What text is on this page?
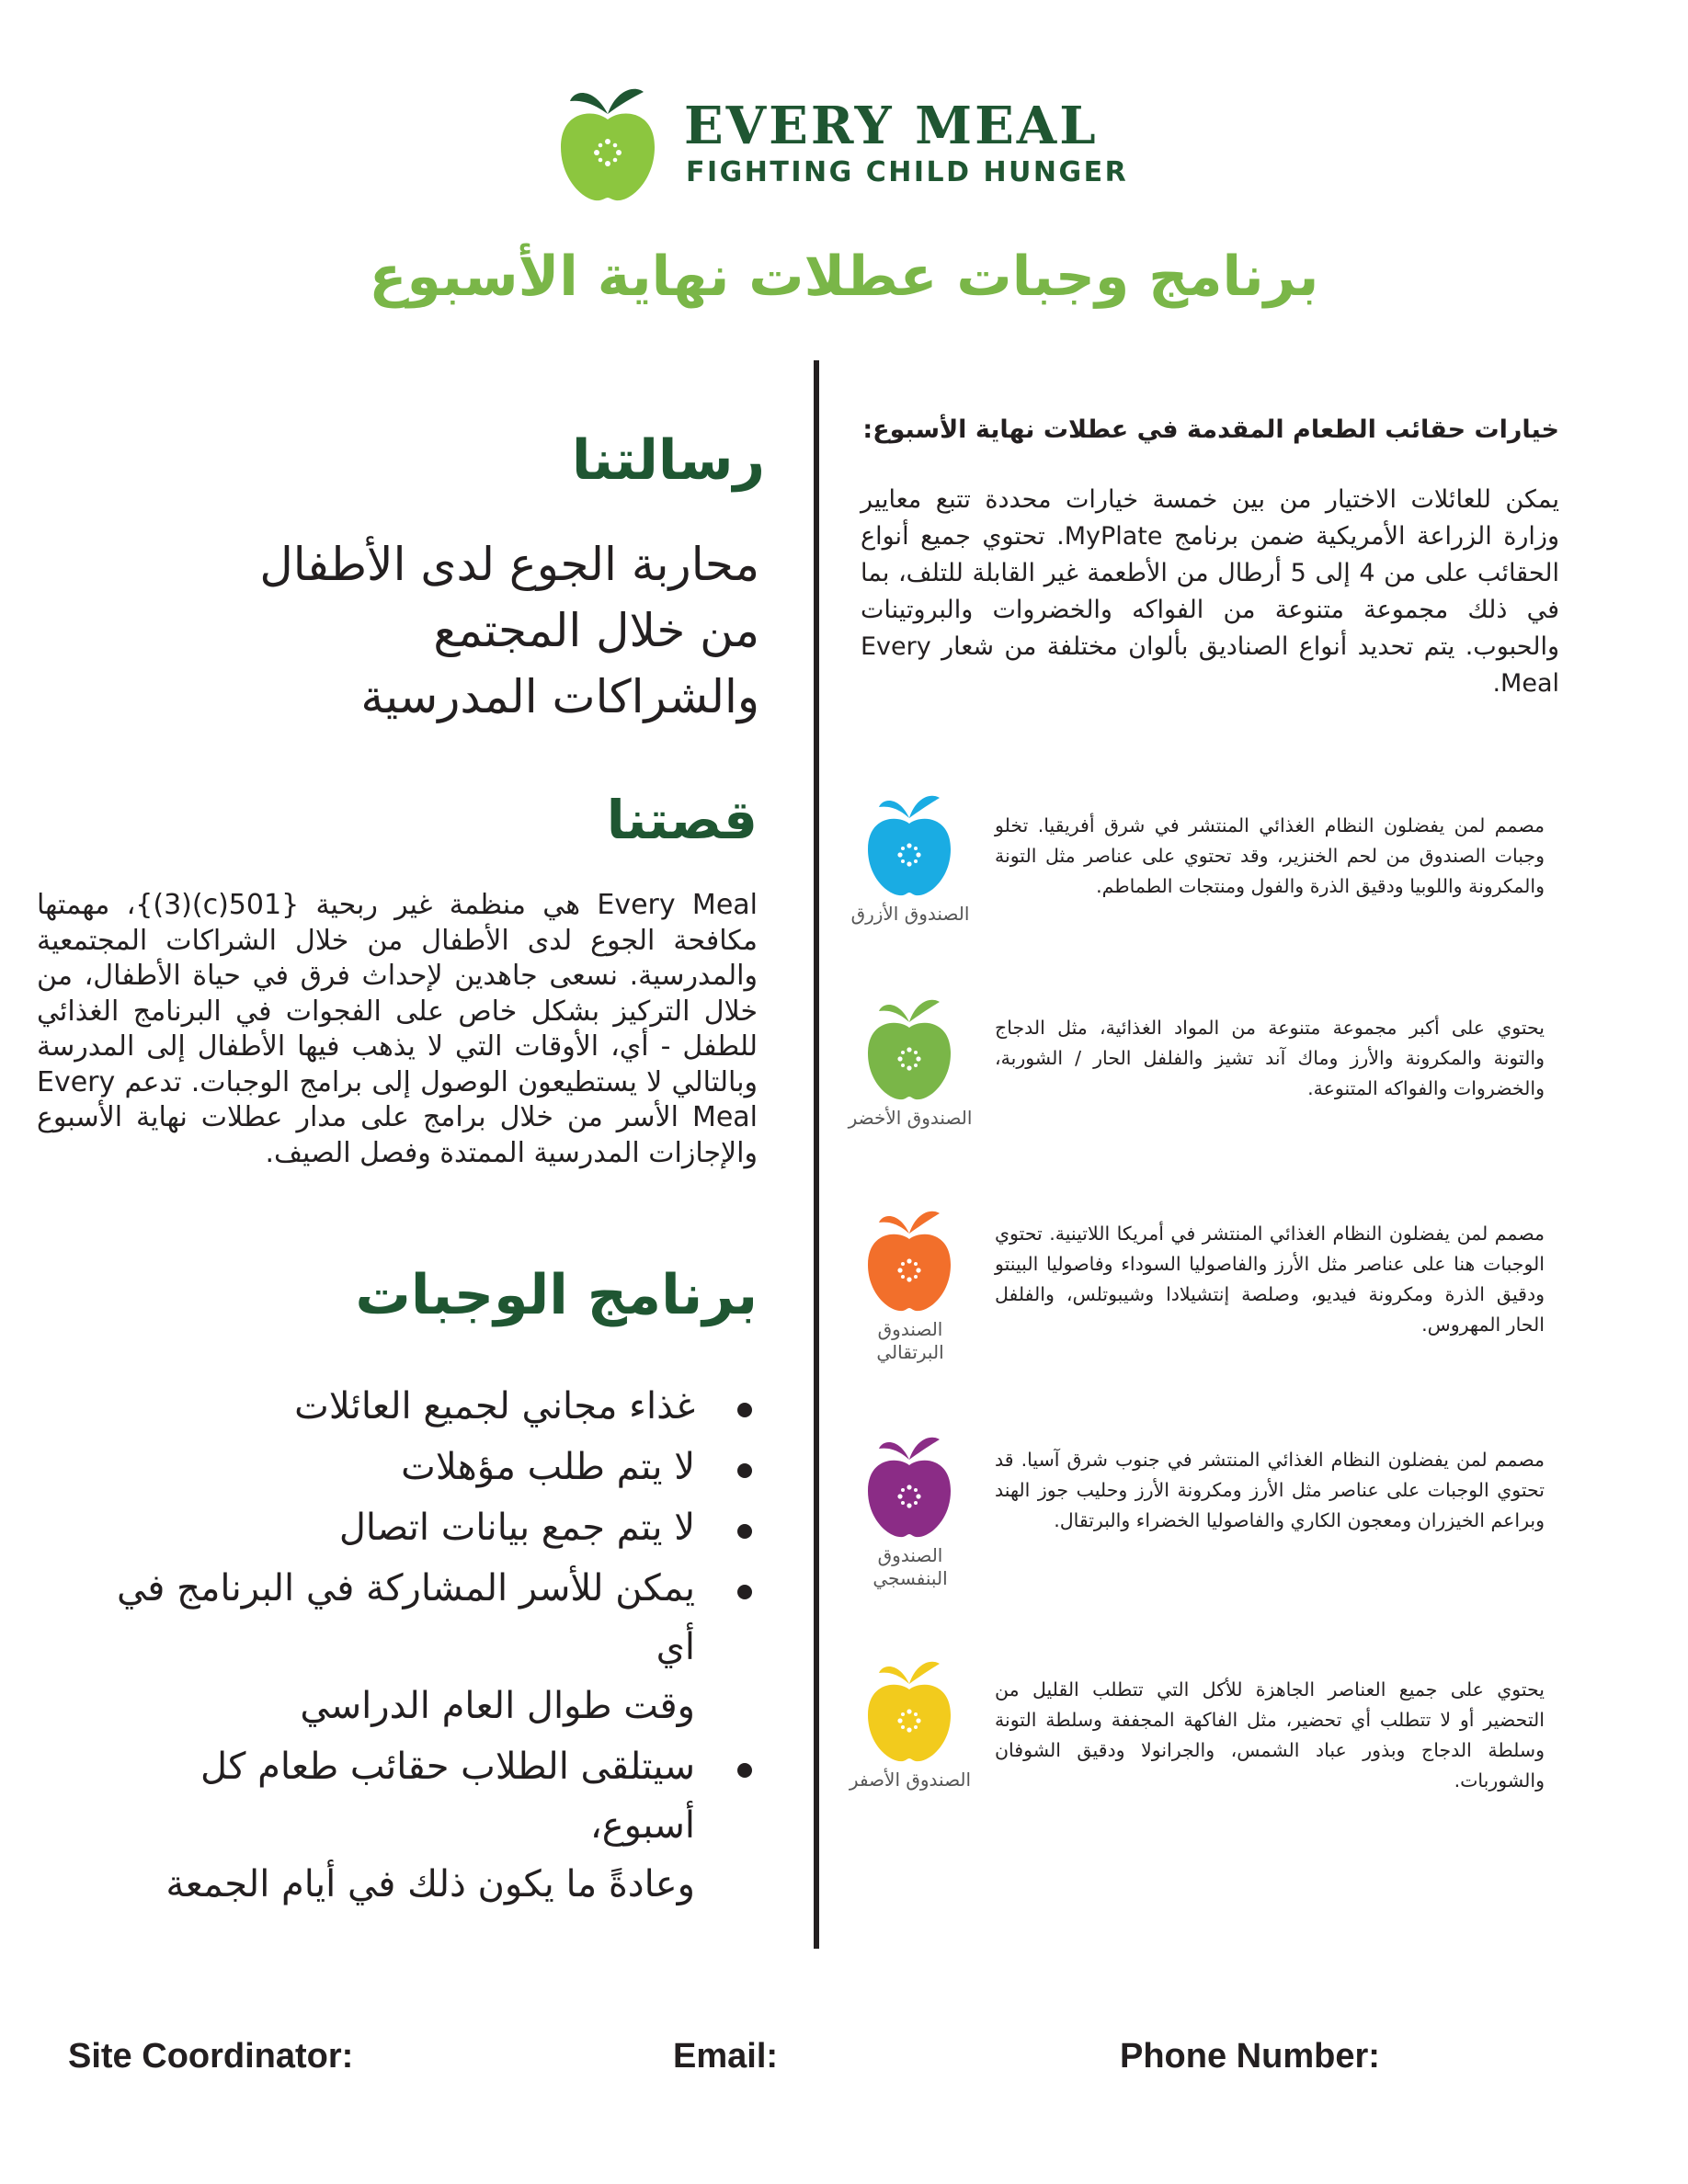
EVERY MEAL
FIGHTING CHILD HUNGER
برنامج وجبات عطلات نهاية الأسبوع
رسالتنا
محاربة الجوع لدى الأطفال
من خلال المجتمع
والشراكات المدرسية
قصتنا
Every Meal هي منظمة غير ربحية {501(c)(3)}، مهمتها مكافحة الجوع لدى الأطفال من خلال الشراكات المجتمعية والمدرسية. نسعى جاهدين لإحداث فرق في حياة الأطفال، من خلال التركيز بشكل خاص على الفجوات في البرنامج الغذائي للطفل - أي، الأوقات التي لا يذهب فيها الأطفال إلى المدرسة وبالتالي لا يستطيعون الوصول إلى برامج الوجبات. تدعم Every Meal الأسر من خلال برامج على مدار عطلات نهاية الأسبوع والإجازات المدرسية الممتدة وفصل الصيف.
برنامج الوجبات
غذاء مجاني لجميع العائلات
لا يتم طلب مؤهلات
لا يتم جمع بيانات اتصال
يمكن للأسر المشاركة في البرنامج في أي
وقت طوال العام الدراسي
سيتلقى الطلاب حقائب طعام كل أسبوع،
وعادةً ما يكون ذلك في أيام الجمعة
خيارات حقائب الطعام المقدمة في عطلات نهاية الأسبوع:
يمكن للعائلات الاختيار من بين خمسة خيارات محددة تتبع معايير وزارة الزراعة الأمريكية ضمن برنامج MyPlate. تحتوي جميع أنواع الحقائب على من 4 إلى 5 أرطال من الأطعمة غير القابلة للتلف، بما في ذلك مجموعة متنوعة من الفواكه والخضروات والبروتينات والحبوب. يتم تحديد أنواع الصناديق بألوان مختلفة من شعار Every Meal.
الصندوق الأزرق
مصمم لمن يفضلون النظام الغذائي المنتشر في شرق أفريقيا. تخلو وجبات الصندوق من لحم الخنزير، وقد تحتوي على عناصر مثل التونة والمكرونة واللوبيا ودقيق الذرة والفول ومنتجات الطماطم.
الصندوق الأخضر
يحتوي على أكبر مجموعة متنوعة من المواد الغذائية، مثل الدجاج والتونة والمكرونة والأرز وماك آند تشيز والفلفل الحار / الشوربة، والخضروات والفواكه المتنوعة.
الصندوق البرتقالي
مصمم لمن يفضلون النظام الغذائي المنتشر في أمريكا اللاتينية. تحتوي الوجبات هنا على عناصر مثل الأرز والفاصوليا السوداء وفاصوليا البينتو ودقيق الذرة ومكرونة فيديو، وصلصة إنتشيلادا وشيبوتلس، والفلفل الحار المهروس.
الصندوق البنفسجي
مصمم لمن يفضلون النظام الغذائي المنتشر في جنوب شرق آسيا. قد تحتوي الوجبات على عناصر مثل الأرز ومكرونة الأرز وحليب جوز الهند وبراعم الخيزران ومعجون الكاري والفاصوليا الخضراء والبرتقال.
الصندوق الأصفر
يحتوي على جميع العناصر الجاهزة للأكل التي تتطلب القليل من التحضير أو لا تتطلب أي تحضير، مثل الفاكهة المجففة وسلطة التونة وسلطة الدجاج وبذور عباد الشمس، والجرانولا ودقيق الشوفان والشوربات.
Site Coordinator:	Email:	Phone Number:
